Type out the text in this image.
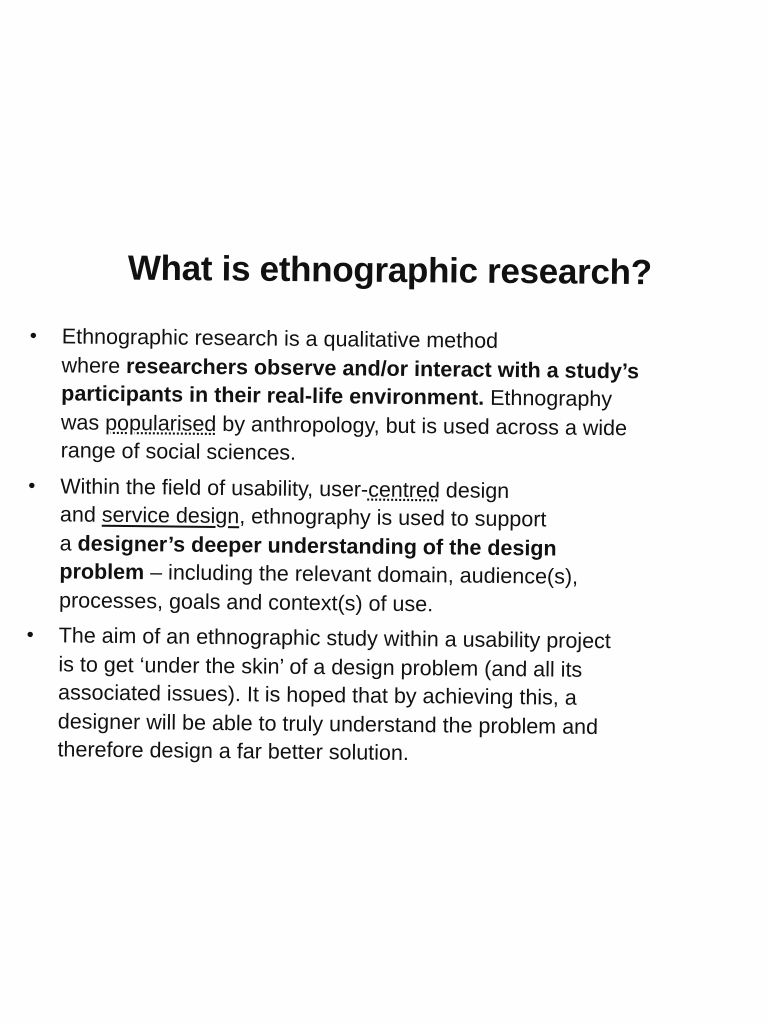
What is ethnographic research?
• Ethnographic research is a qualitative method
where researchers observe and/or interact with a study’s
participants in their real-life environment. Ethnography
was popularised by anthropology, but is used across a wide
range of social sciences.
• Within the field of usability, user-centred design
and service design, ethnography is used to support
a designer’s deeper understanding of the design
problem – including the relevant domain, audience(s),
processes, goals and context(s) of use.
• The aim of an ethnographic study within a usability project
is to get ‘under the skin’ of a design problem (and all its
associated issues). It is hoped that by achieving this, a
designer will be able to truly understand the problem and
therefore design a far better solution.
